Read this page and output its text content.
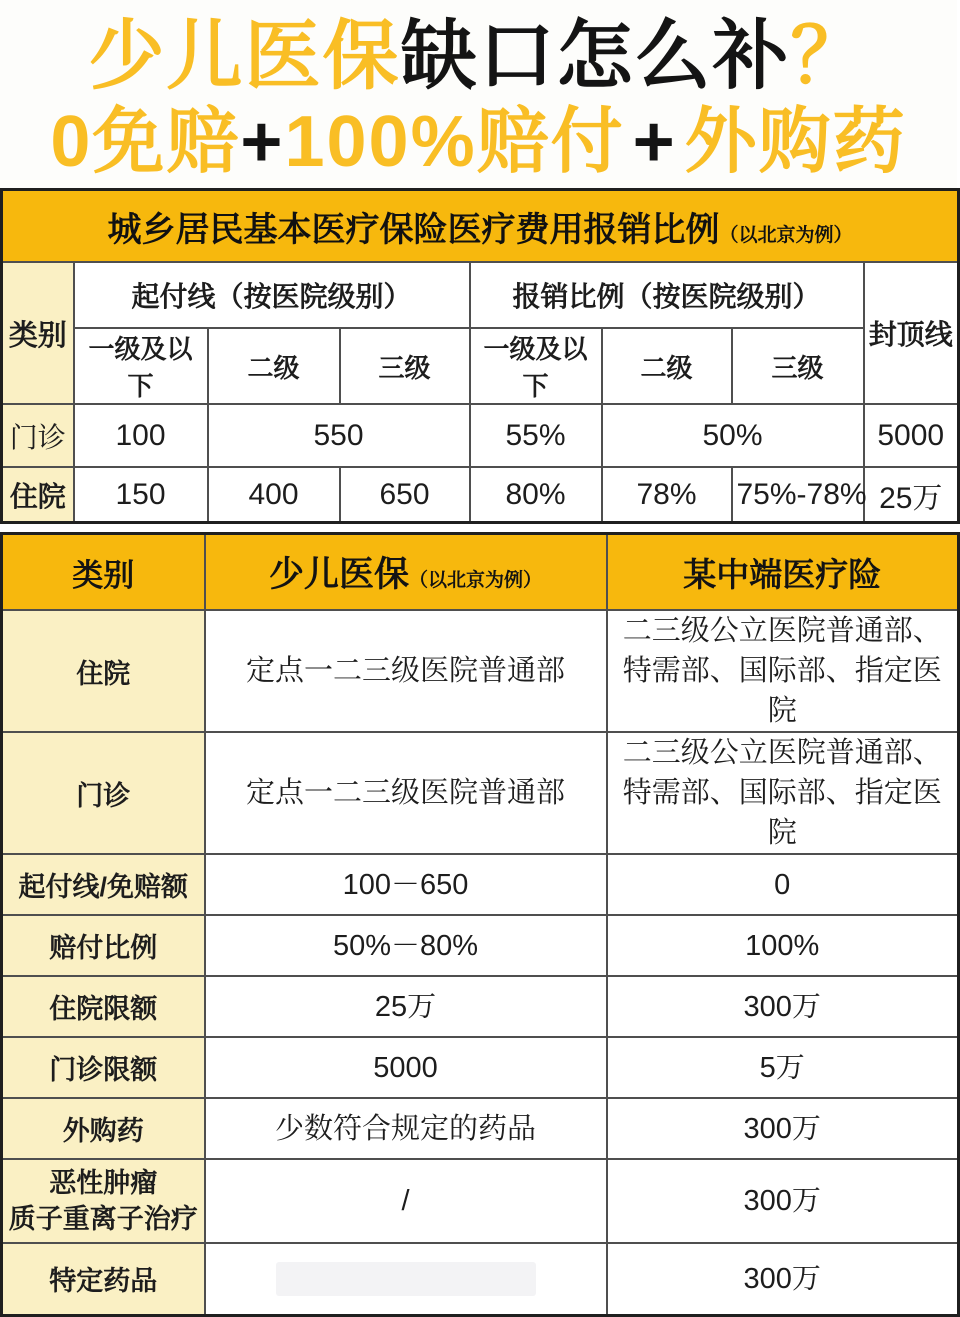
少儿医保缺口怎么补？
0免赔+100%赔付 + 外购药
城乡居民基本医疗保险医疗费用报销比例（以北京为例）							
类别	起付线（按医院级别）			报销比例（按医院级别）			封顶线
	一级及以下	二级	三级	一级及以下	二级	三级	
门诊	100	550		55%	50%		5000
住院	150	400	650	80%	78%	75%-78%	25万
类别	少儿医保（以北京为例）	某中端医疗险
住院	定点一二三级医院普通部	二三级公立医院普通部、特需部、国际部、指定医院
门诊	定点一二三级医院普通部	二三级公立医院普通部、特需部、国际部、指定医院
起付线/免赔额	100－650	0
赔付比例	50%－80%	100%
住院限额	25万	300万
门诊限额	5000	5万
外购药	少数符合规定的药品	300万

恶性肿瘤
质子重离子治疗	/	300万
特定药品		300万
